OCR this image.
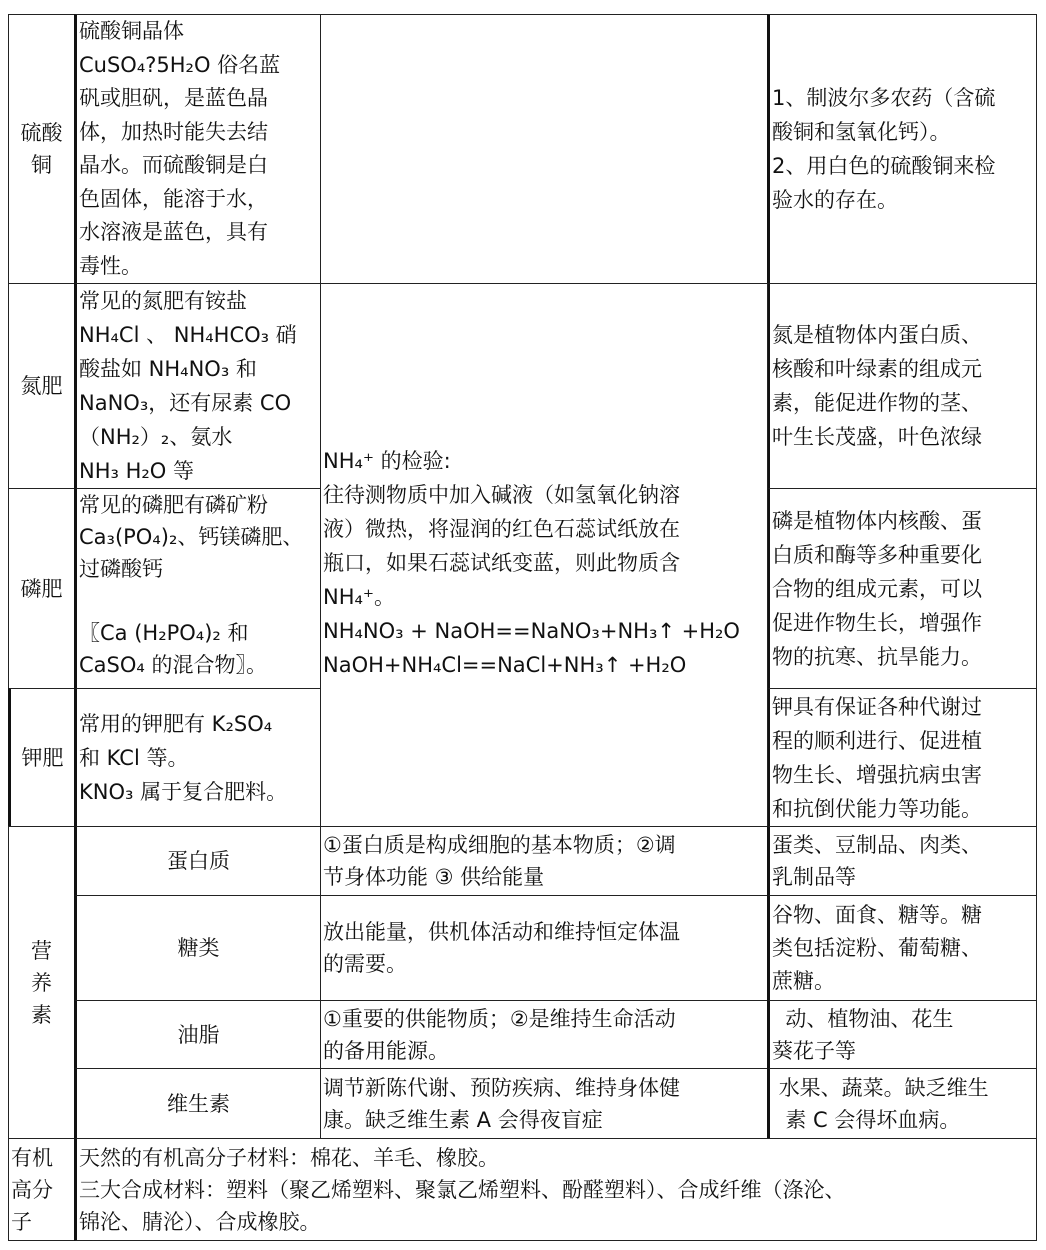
硫酸
铜
硫酸铜晶体
CuSO₄?5H₂O 俗名蓝
矾或胆矾，是蓝色晶
体，加热时能失去结
晶水。而硫酸铜是白
色固体，能溶于水，
水溶液是蓝色，具有
毒性。
1、制波尔多农药（含硫
酸铜和氢氧化钙）。
2、用白色的硫酸铜来检
验水的存在。
氮肥
常见的氮肥有铵盐
NH₄Cl 、 NH₄HCO₃ 硝
酸盐如 NH₄NO₃ 和
NaNO₃，还有尿素 CO
（NH₂）₂、氨水
NH₃ H₂O 等
氮是植物体内蛋白质、
核酸和叶绿素的组成元
素，能促进作物的茎、
叶生长茂盛，叶色浓绿
磷肥
常见的磷肥有磷矿粉
Ca₃(PO₄)₂、钙镁磷肥、
过磷酸钙

〖Ca (H₂PO₄)₂ 和
CaSO₄ 的混合物〗。
磷是植物体内核酸、蛋
白质和酶等多种重要化
合物的组成元素，可以
促进作物生长，增强作
物的抗寒、抗旱能力。
钾肥
常用的钾肥有 K₂SO₄
和 KCl 等。
KNO₃ 属于复合肥料。
钾具有保证各种代谢过
程的顺利进行、促进植
物生长、增强抗病虫害
和抗倒伏能力等功能。
NH₄⁺ 的检验:
往待测物质中加入碱液（如氢氧化钠溶
液）微热，将湿润的红色石蕊试纸放在
瓶口，如果石蕊试纸变蓝，则此物质含
NH₄⁺。
NH₄NO₃ + NaOH==NaNO₃+NH₃↑ +H₂O
NaOH+NH₄Cl==NaCl+NH₃↑ +H₂O
营
养
素
蛋白质
①蛋白质是构成细胞的基本物质；②调
节身体功能 ③ 供给能量
蛋类、豆制品、肉类、
乳制品等
糖类
放出能量，供机体活动和维持恒定体温
的需要。
谷物、面食、糖等。糖
类包括淀粉、葡萄糖、
蔗糖。
油脂
①重要的供能物质；②是维持生命活动
的备用能源。
动、植物油、花生
葵花子等
维生素
调节新陈代谢、预防疾病、维持身体健
康。缺乏维生素 A 会得夜盲症
水果、蔬菜。缺乏维生
素 C 会得坏血病。
有机
高分
子
天然的有机高分子材料：棉花、羊毛、橡胶。
三大合成材料：塑料（聚乙烯塑料、聚氯乙烯塑料、酚醛塑料）、合成纤维（涤沦、
锦沦、腈沦）、合成橡胶。
